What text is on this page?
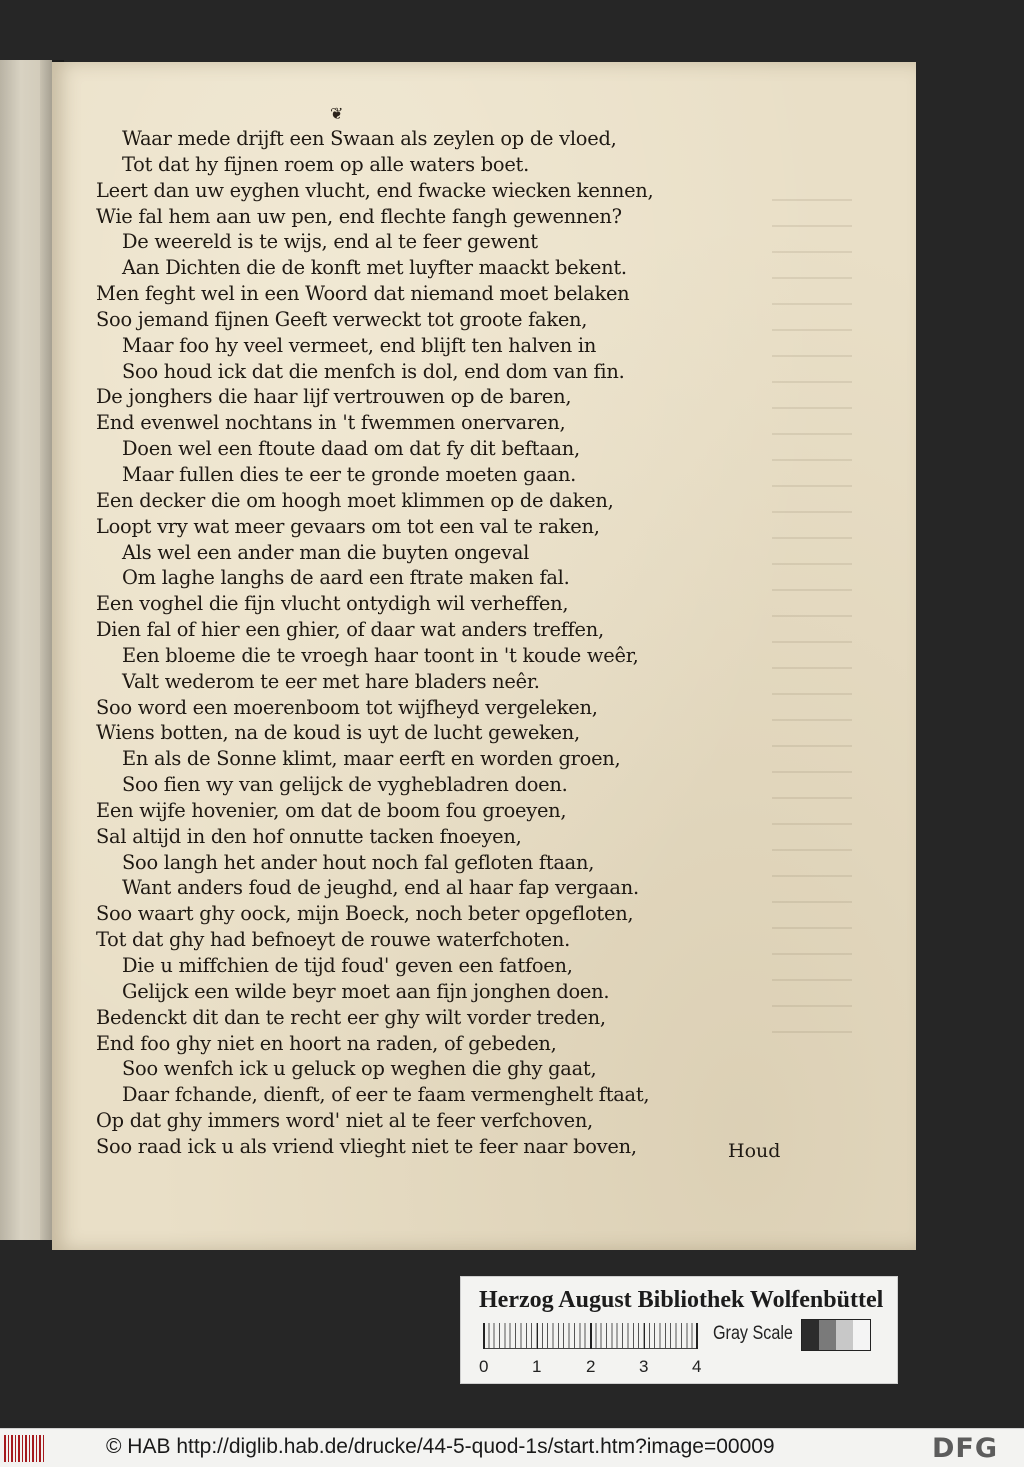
❦
Waar mede drijft een Swaan als zeylen op de vloed,
Tot dat hy fijnen roem op alle waters boet.
Leert dan uw eyghen vlucht, end fwacke wiecken kennen,
Wie fal hem aan uw pen, end flechte fangh gewennen?
De weereld is te wijs, end al te feer gewent
Aan Dichten die de konft met luyfter maackt bekent.
Men feght wel in een Woord dat niemand moet belaken
Soo jemand fijnen Geeft verweckt tot groote faken,
Maar foo hy veel vermeet, end blijft ten halven in
Soo houd ick dat die menfch is dol, end dom van fin.
De jonghers die haar lijf vertrouwen op de baren,
End evenwel nochtans in 't fwemmen onervaren,
Doen wel een ftoute daad om dat fy dit beftaan,
Maar fullen dies te eer te gronde moeten gaan.
Een decker die om hoogh moet klimmen op de daken,
Loopt vry wat meer gevaars om tot een val te raken,
Als wel een ander man die buyten ongeval
Om laghe langhs de aard een ftrate maken fal.
Een voghel die fijn vlucht ontydigh wil verheffen,
Dien fal of hier een ghier, of daar wat anders treffen,
Een bloeme die te vroegh haar toont in 't koude weêr,
Valt wederom te eer met hare bladers neêr.
Soo word een moerenboom tot wijfheyd vergeleken,
Wiens botten, na de koud is uyt de lucht geweken,
En als de Sonne klimt, maar eerft en worden groen,
Soo fien wy van gelijck de vyghebladren doen.
Een wijfe hovenier, om dat de boom fou groeyen,
Sal altijd in den hof onnutte tacken fnoeyen,
Soo langh het ander hout noch fal gefloten ftaan,
Want anders foud de jeughd, end al haar fap vergaan.
Soo waart ghy oock, mijn Boeck, noch beter opgefloten,
Tot dat ghy had befnoeyt de rouwe waterfchoten.
Die u miffchien de tijd foud' geven een fatfoen,
Gelijck een wilde beyr moet aan fijn jonghen doen.
Bedenckt dit dan te recht eer ghy wilt vorder treden,
End foo ghy niet en hoort na raden, of gebeden,
Soo wenfch ick u geluck op weghen die ghy gaat,
Daar fchande, dienft, of eer te faam vermenghelt ftaat,
Op dat ghy immers word' niet al te feer verfchoven,
Soo raad ick u als vriend vlieght niet te feer naar boven,	Houd
Herzog August Bibliothek Wolfenbüttel
0	1	2	3	4
Gray Scale
© HAB http://diglib.hab.de/drucke/44-5-quod-1s/start.htm?image=00009	DFG
